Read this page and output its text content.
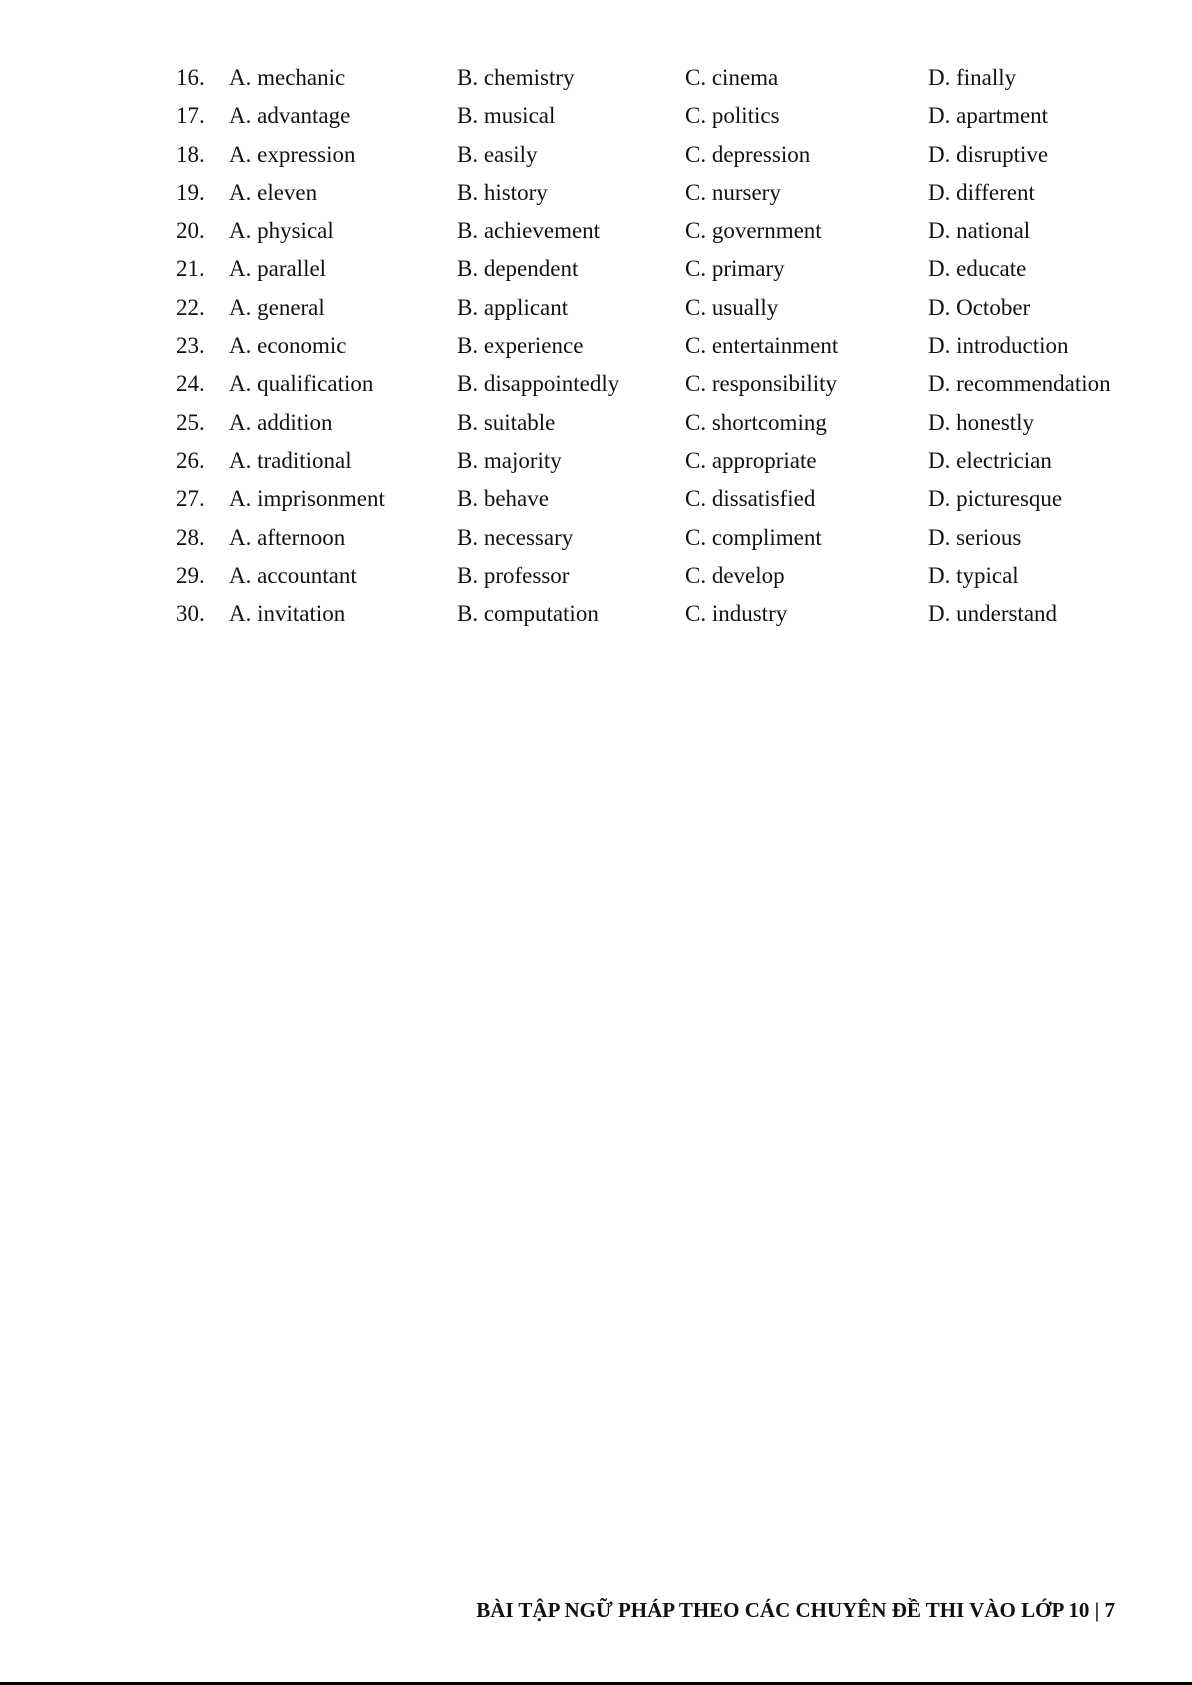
16. A. mechanic	B. chemistry	C. cinema	D. finally
17. A. advantage	B. musical	C. politics	D. apartment
18. A. expression	B. easily	C. depression	D. disruptive
19. A. eleven	B. history	C. nursery	D. different
20. A. physical	B. achievement	C. government	D. national
21. A. parallel	B. dependent	C. primary	D. educate
22. A. general	B. applicant	C. usually	D. October
23. A. economic	B. experience	C. entertainment	D. introduction
24. A. qualification	B. disappointedly	C. responsibility	D. recommendation
25. A. addition	B. suitable	C. shortcoming	D. honestly
26. A. traditional	B. majority	C. appropriate	D. electrician
27. A. imprisonment	B. behave	C. dissatisfied	D. picturesque
28. A. afternoon	B. necessary	C. compliment	D. serious
29. A. accountant	B. professor	C. develop	D. typical
30. A. invitation	B. computation	C. industry	D. understand
BÀI TẬP NGỮ PHÁP THEO CÁC CHUYÊN ĐỀ THI VÀO LỚP 10 | 7
